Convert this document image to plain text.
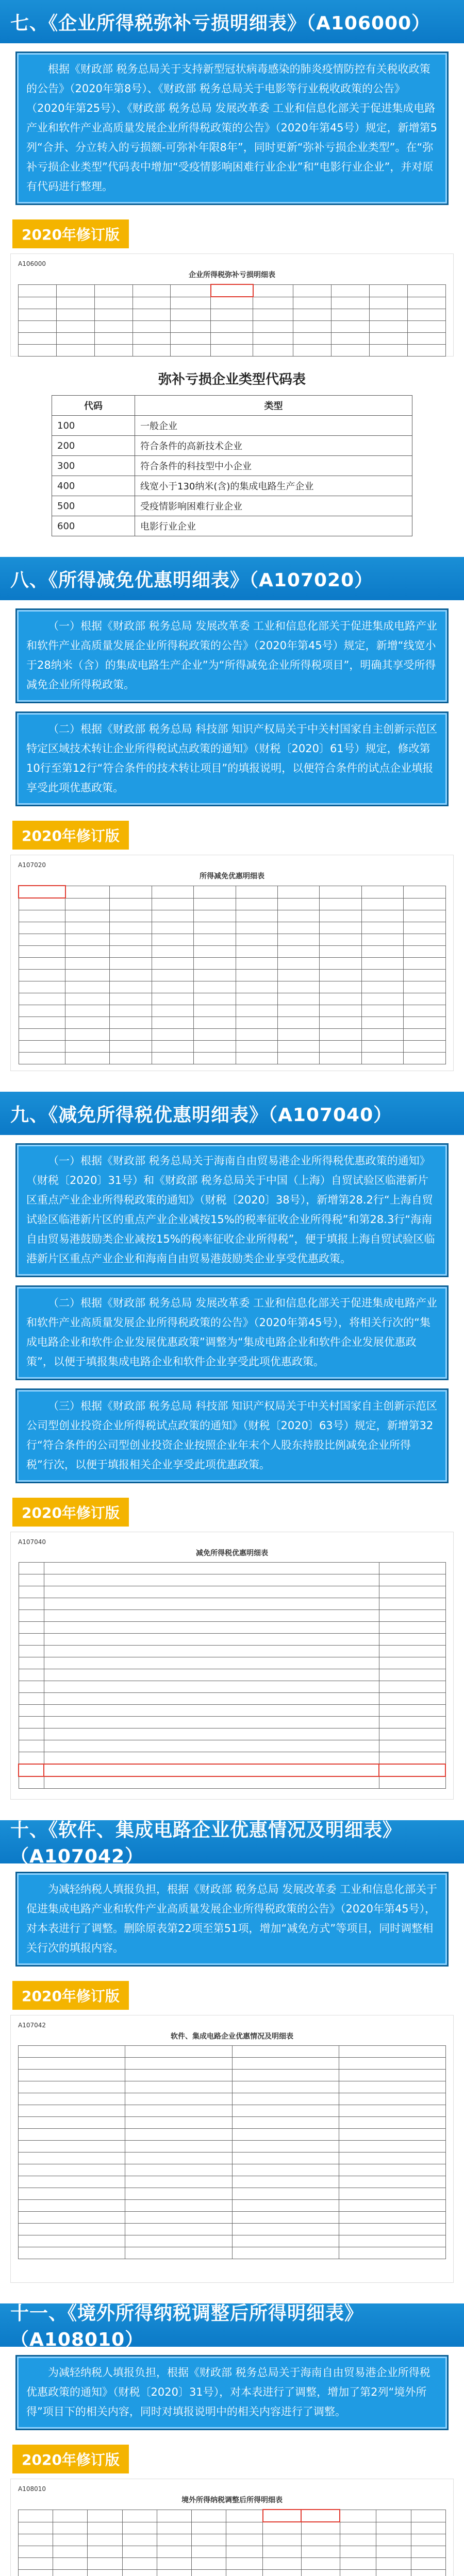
七、《企业所得税弥补亏损明细表》（A106000）
根据《财政部 税务总局关于支持新型冠状病毒感染的肺炎疫情防控有关税收政策的公告》（2020年第8号）、《财政部 税务总局关于电影等行业税收政策的公告》（2020年第25号）、《财政部 税务总局 发展改革委 工业和信息化部关于促进集成电路产业和软件产业高质量发展企业所得税政策的公告》（2020年第45号）规定，新增第5列“合并、分立转入的亏损额-可弥补年限8年”，同时更新“弥补亏损企业类型”。在“弥补亏损企业类型”代码表中增加“受疫情影响困难行业企业”和“电影行业企业”，并对原有代码进行整理。
2020年修订版
A106000
企业所得税弥补亏损明细表

弥补亏损企业类型代码表
代码	类型
100	一般企业
200	符合条件的高新技术企业
300	符合条件的科技型中小企业
400	线宽小于130纳米(含)的集成电路生产企业
500	受疫情影响困难行业企业
600	电影行业企业
八、《所得减免优惠明细表》（A107020）
（一）根据《财政部 税务总局 发展改革委 工业和信息化部关于促进集成电路产业和软件产业高质量发展企业所得税政策的公告》（2020年第45号）规定，新增“线宽小于28纳米（含）的集成电路生产企业”为“所得减免企业所得税项目”，明确其享受所得减免企业所得税政策。
（二）根据《财政部 税务总局 科技部 知识产权局关于中关村国家自主创新示范区特定区域技术转让企业所得税试点政策的通知》（财税〔2020〕61号）规定，修改第10行至第12行“符合条件的技术转让项目”的填报说明，以便符合条件的试点企业填报享受此项优惠政策。
2020年修订版
A107020
所得减免优惠明细表

九、《减免所得税优惠明细表》（A107040）
（一）根据《财政部 税务总局关于海南自由贸易港企业所得税优惠政策的通知》（财税〔2020〕31号）和《财政部 税务总局关于中国（上海）自贸试验区临港新片区重点产业企业所得税政策的通知》（财税〔2020〕38号），新增第28.2行“上海自贸试验区临港新片区的重点产业企业减按15%的税率征收企业所得税”和第28.3行“海南自由贸易港鼓励类企业减按15%的税率征收企业所得税”，便于填报上海自贸试验区临港新片区重点产业企业和海南自由贸易港鼓励类企业享受优惠政策。
（二）根据《财政部 税务总局 发展改革委 工业和信息化部关于促进集成电路产业和软件产业高质量发展企业所得税政策的公告》（2020年第45号），将相关行次的“集成电路企业和软件企业发展优惠政策”调整为“集成电路企业和软件企业发展优惠政策”，以便于填报集成电路企业和软件企业享受此项优惠政策。
（三）根据《财政部 税务总局 科技部 知识产权局关于中关村国家自主创新示范区公司型创业投资企业所得税试点政策的通知》（财税〔2020〕63号）规定，新增第32行“符合条件的公司型创业投资企业按照企业年末个人股东持股比例减免企业所得税”行次，以便于填报相关企业享受此项优惠政策。
2020年修订版
A107040
减免所得税优惠明细表

十、《软件、集成电路企业优惠情况及明细表》（A107042）
为减轻纳税人填报负担，根据《财政部 税务总局 发展改革委 工业和信息化部关于促进集成电路产业和软件产业高质量发展企业所得税政策的公告》（2020年第45号），对本表进行了调整。删除原表第22项至第51项，增加“减免方式”等项目，同时调整相关行次的填报内容。
2020年修订版
A107042
软件、集成电路企业优惠情况及明细表

十一、《境外所得纳税调整后所得明细表》（A108010）
为减轻纳税人填报负担，根据《财政部 税务总局关于海南自由贸易港企业所得税优惠政策的通知》（财税〔2020〕31号），对本表进行了调整，增加了第2列“境外所得”项目下的相关内容，同时对填报说明中的相关内容进行了调整。
2020年修订版
A108010
境外所得纳税调整后所得明细表
